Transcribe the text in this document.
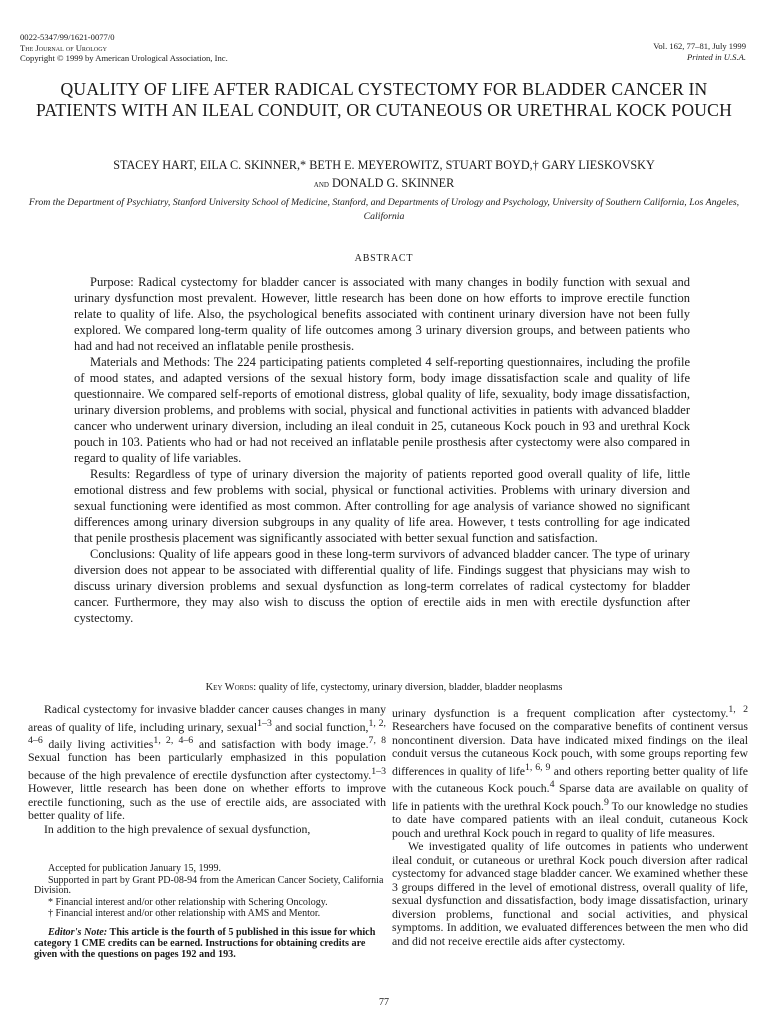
0022-5347/99/1621-0077/0
The Journal of Urology
Copyright © 1999 by American Urological Association, Inc.
Vol. 162, 77–81, July 1999
Printed in U.S.A.
QUALITY OF LIFE AFTER RADICAL CYSTECTOMY FOR BLADDER CANCER IN PATIENTS WITH AN ILEAL CONDUIT, OR CUTANEOUS OR URETHRAL KOCK POUCH
STACEY HART, EILA C. SKINNER,* BETH E. MEYEROWITZ, STUART BOYD,† GARY LIESKOVSKY
and DONALD G. SKINNER
From the Department of Psychiatry, Stanford University School of Medicine, Stanford, and Departments of Urology and Psychology, University of Southern California, Los Angeles, California
ABSTRACT

Purpose: Radical cystectomy for bladder cancer is associated with many changes in bodily function with sexual and urinary dysfunction most prevalent. However, little research has been done on how efforts to improve erectile function relate to quality of life. Also, the psychological benefits associated with continent urinary diversion have not been fully explored. We compared long-term quality of life outcomes among 3 urinary diversion groups, and between patients who had and had not received an inflatable penile prosthesis.

Materials and Methods: The 224 participating patients completed 4 self-reporting questionnaires, including the profile of mood states, and adapted versions of the sexual history form, body image dissatisfaction scale and quality of life questionnaire. We compared self-reports of emotional distress, global quality of life, sexuality, body image dissatisfaction, urinary diversion problems, and problems with social, physical and functional activities in patients with advanced bladder cancer who underwent urinary diversion, including an ileal conduit in 25, cutaneous Kock pouch in 93 and urethral Kock pouch in 103. Patients who had or had not received an inflatable penile prosthesis after cystectomy were also compared in regard to quality of life variables.

Results: Regardless of type of urinary diversion the majority of patients reported good overall quality of life, little emotional distress and few problems with social, physical or functional activities. Problems with urinary diversion and sexual functioning were identified as most common. After controlling for age analysis of variance showed no significant differences among urinary diversion subgroups in any quality of life area. However, t tests controlling for age indicated that penile prosthesis placement was significantly associated with better sexual function and satisfaction.

Conclusions: Quality of life appears good in these long-term survivors of advanced bladder cancer. The type of urinary diversion does not appear to be associated with differential quality of life. Findings suggest that physicians may wish to discuss urinary diversion problems and sexual dysfunction as long-term correlates of radical cystectomy for bladder cancer. Furthermore, they may also wish to discuss the option of erectile aids in men with erectile dysfunction after cystectomy.

Key Words: quality of life, cystectomy, urinary diversion, bladder, bladder neoplasms

Radical cystectomy for invasive bladder cancer causes changes in many areas of quality of life, including urinary, sexual$^{1-3}$ and social function,$^{1, 2, 4-6}$ daily living activities$^{1, 2, 4-6}$ and satisfaction with body image.$^{7, 8}$ Sexual function has been particularly emphasized in this population because of the high prevalence of erectile dysfunction after cystectomy.$^{1-3}$ However, little research has been done on whether efforts to improve erectile functioning, such as the use of erectile aids, are associated with better quality of life.

In addition to the high prevalence of sexual dysfunction,

Accepted for publication January 15, 1999.

Supported in part by Grant PD-08-94 from the American Cancer Society, California Division.

* Financial interest and/or other relationship with Schering Oncology.

† Financial interest and/or other relationship with AMS and Mentor.

Editor's Note: This article is the fourth of 5 published in this issue for which category 1 CME credits can be earned. Instructions for obtaining credits are given with the questions on pages 192 and 193.

urinary dysfunction is a frequent complication after cystectomy.$^{1, 2}$ Researchers have focused on the comparative benefits of continent versus noncontinent diversion. Data have indicated mixed findings on the ileal conduit versus the cutaneous Kock pouch, with some groups reporting few differences in quality of life$^{1, 6, 9}$ and others reporting better quality of life with the cutaneous Kock pouch.$^4$ Sparse data are available on quality of life in patients with the urethral Kock pouch.$^9$ To our knowledge no studies to date have compared patients with an ileal conduit, cutaneous Kock pouch and urethral Kock pouch in regard to quality of life measures.

We investigated quality of life outcomes in patients who underwent ileal conduit, or cutaneous or urethral Kock pouch diversion after radical cystectomy for advanced stage bladder cancer. We examined whether these 3 groups differed in the level of emotional distress, overall quality of life, sexual dysfunction and dissatisfaction, body image dissatisfaction, urinary diversion problems, functional and social activities, and physical symptoms. In addition, we evaluated differences between the men who did and did not receive erectile aids after cystectomy.

77
